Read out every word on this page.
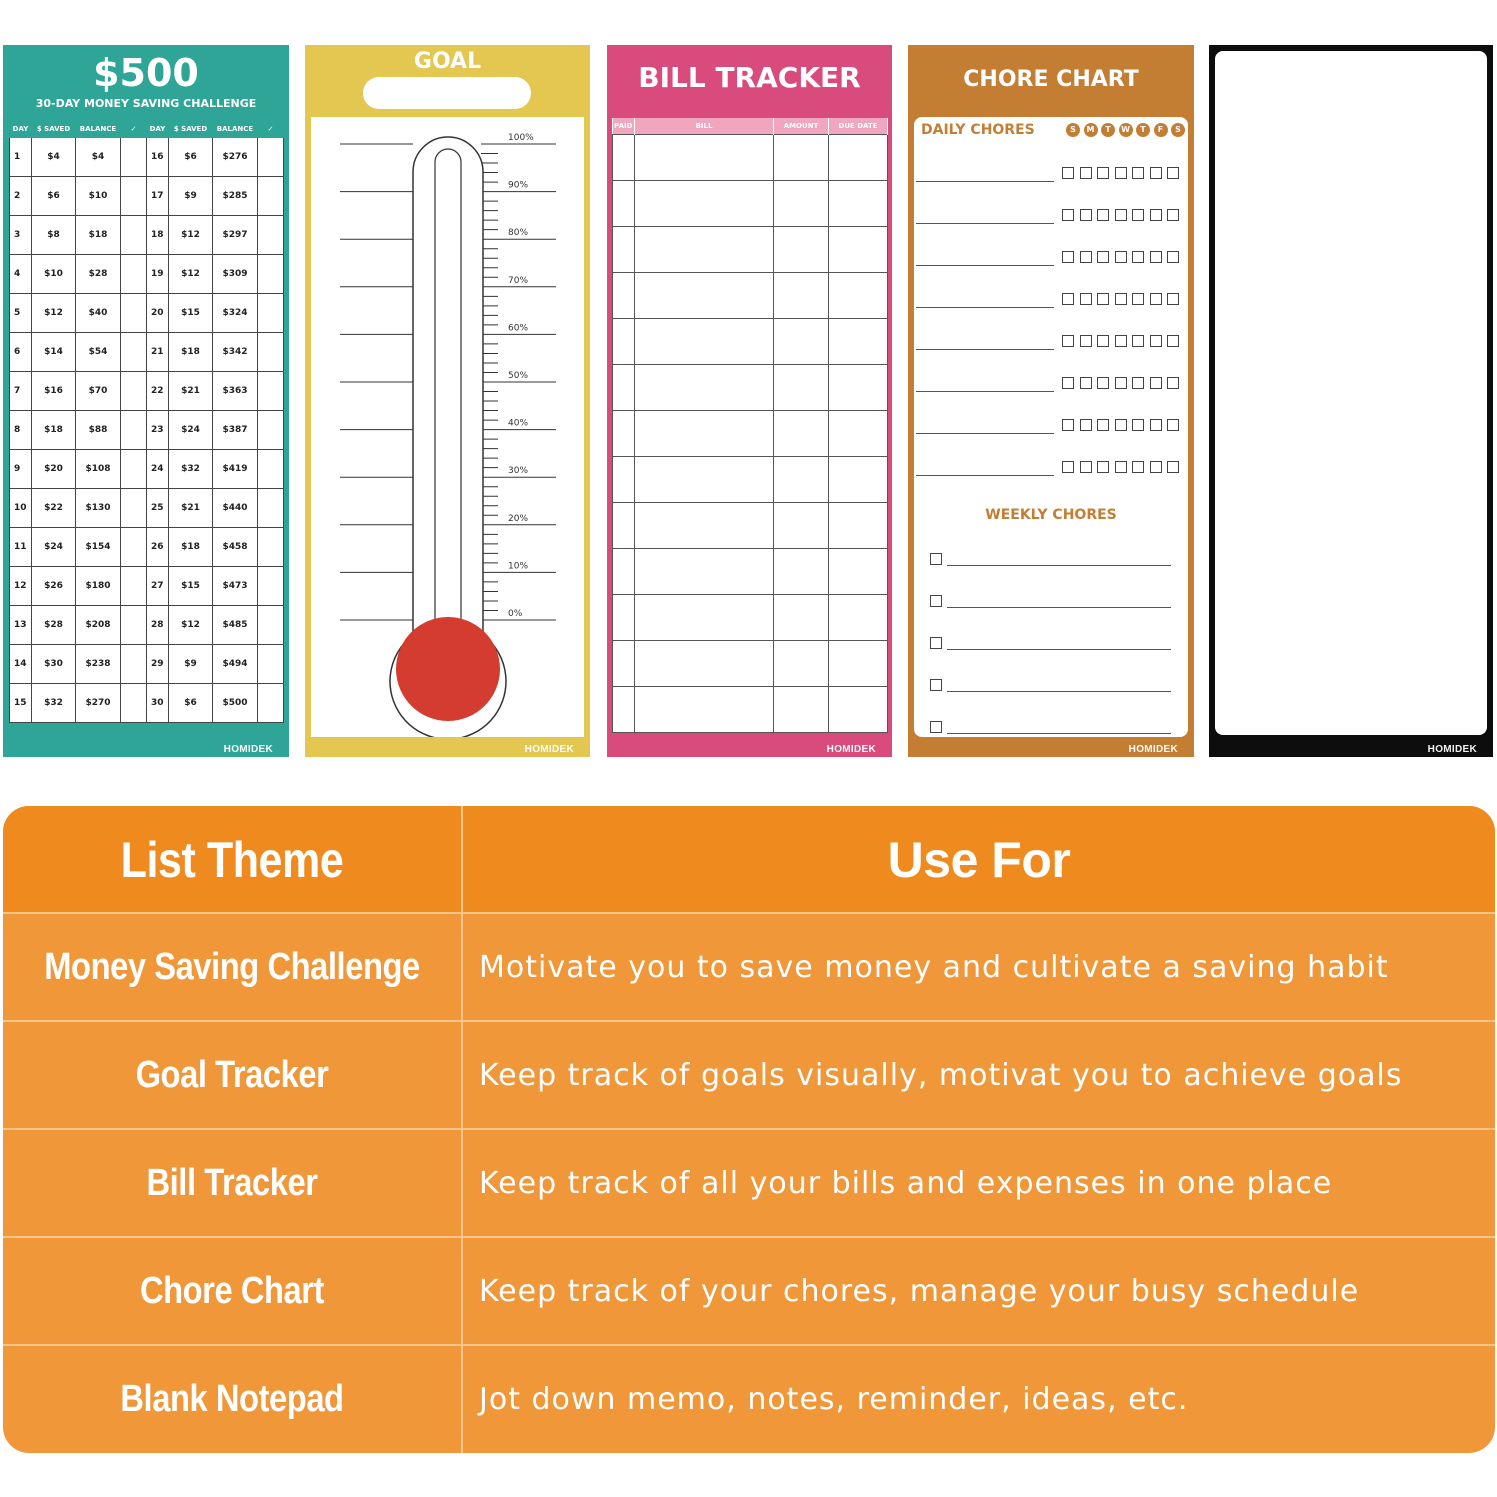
$500
30-DAY MONEY SAVING CHALLENGE
DAY	$ SAVED	BALANCE	✓	DAY	$ SAVED	BALANCE	✓
1	$4	$4		16	$6	$276	
2	$6	$10		17	$9	$285	
3	$8	$18		18	$12	$297	
4	$10	$28		19	$12	$309	
5	$12	$40		20	$15	$324	
6	$14	$54		21	$18	$342	
7	$16	$70		22	$21	$363	
8	$18	$88		23	$24	$387	
9	$20	$108		24	$32	$419	
10	$22	$130		25	$21	$440	
11	$24	$154		26	$18	$458	
12	$26	$180		27	$15	$473	
13	$28	$208		28	$12	$485	
14	$30	$238		29	$9	$494	
15	$32	$270		30	$6	$500	
HOMIDEK
GOAL
100%
90%
80%
70%
60%
50%
40%
30%
20%
10%
0%
HOMIDEK
BILL TRACKER
PAID	BILL	AMOUNT	DUE DATE

HOMIDEK
CHORE CHART
DAILY CHORES
WEEKLY CHORES
S	M	T	W	T	F	S
HOMIDEK	HOMIDEK
List Theme	Use For
Money Saving Challenge	Motivate you to save money and cultivate a saving habit
Goal Tracker	Keep track of goals visually, motivat you to achieve goals
Bill Tracker	Keep track of all your bills and expenses in one place
Chore Chart	Keep track of your chores, manage your busy schedule
Blank Notepad	Jot down memo, notes, reminder, ideas, etc.
